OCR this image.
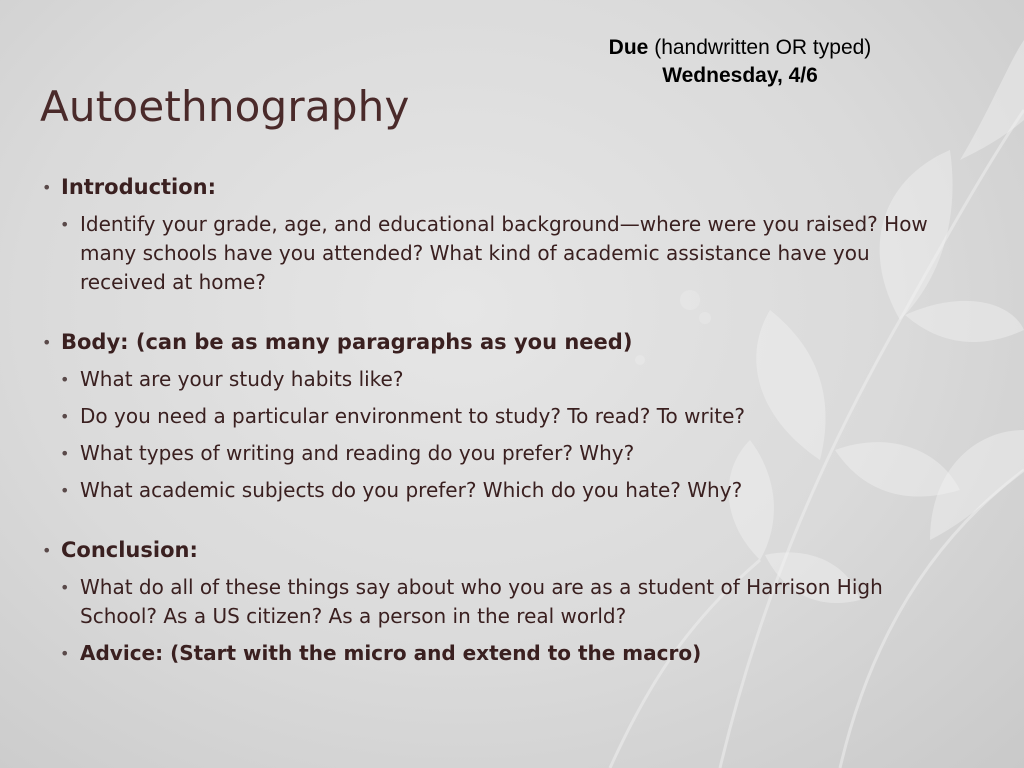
Due (handwritten OR typed)
Wednesday, 4/6
Autoethnography
• Introduction:
• Identify your grade, age, and educational background—where were you raised? How many schools have you attended? What kind of academic assistance have you received at home?
• Body: (can be as many paragraphs as you need)
• What are your study habits like?
• Do you need a particular environment to study? To read? To write?
• What types of writing and reading do you prefer? Why?
• What academic subjects do you prefer? Which do you hate? Why?
• Conclusion:
• What do all of these things say about who you are as a student of Harrison High School? As a US citizen? As a person in the real world?
• Advice: (Start with the micro and extend to the macro)
